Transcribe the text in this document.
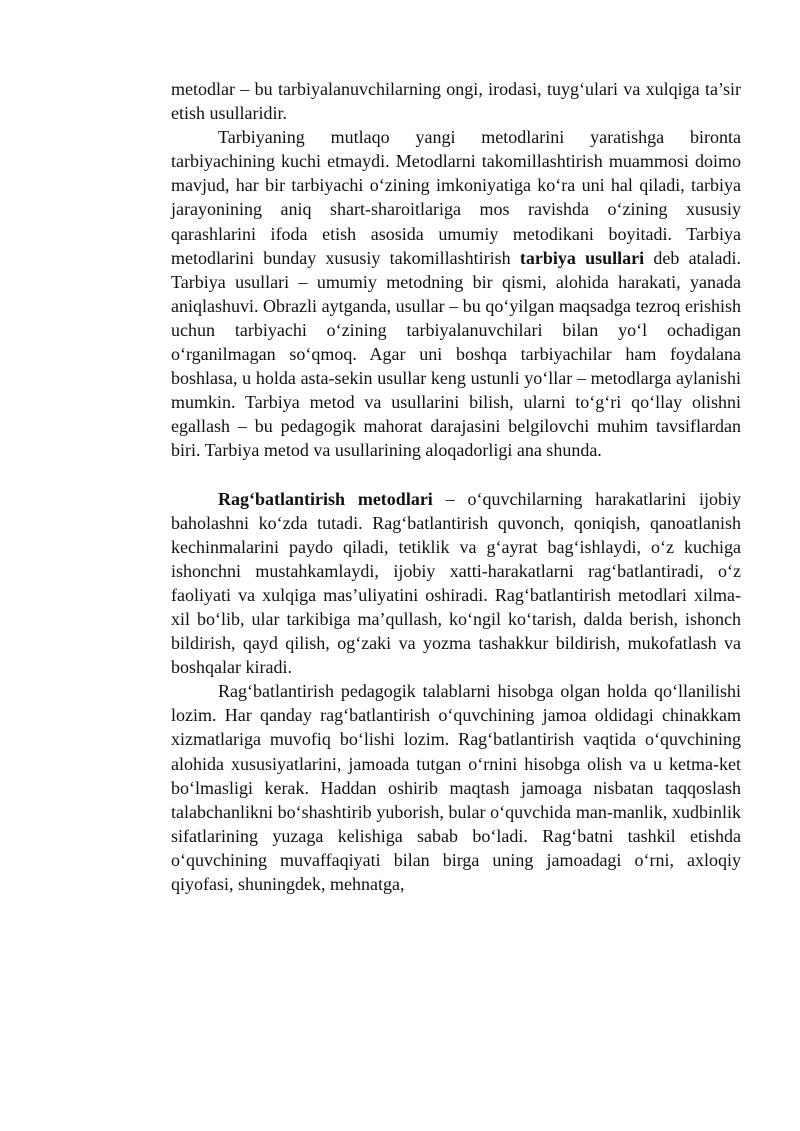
metodlar – bu tarbiyalanuvchilarning ongi, irodasi, tuyg‘ulari va xulqiga ta’sir etish usullaridir.

Tarbiyaning mutlaqo yangi metodlarini yaratishga bironta tarbiyachining kuchi etmaydi. Metodlarni takomillashtirish muammosi doimo mavjud, har bir tarbiyachi o‘zining imkoniyatiga ko‘ra uni hal qiladi, tarbiya jarayonining aniq shart-sharoitlariga mos ravishda o‘zining xususiy qarashlarini ifoda etish asosida umumiy metodikani boyitadi. Tarbiya metodlarini bunday xususiy takomillashtirish tarbiya usullari deb ataladi. Tarbiya usullari – umumiy metodning bir qismi, alohida harakati, yanada aniqlashuvi. Obrazli aytganda, usullar – bu qo‘yilgan maqsadga tezroq erishish uchun tarbiyachi o‘zining tarbiyalanuvchilari bilan yo‘l ochadigan o‘rganilmagan so‘qmoq. Agar uni boshqa tarbiyachilar ham foydalana boshlasa, u holda asta-sekin usullar keng ustunli yo‘llar – metodlarga aylanishi mumkin. Tarbiya metod va usullarini bilish, ularni to‘g‘ri qo‘llay olishni egallash – bu pedagogik mahorat darajasini belgilovchi muhim tavsiflardan biri. Tarbiya metod va usullarining aloqadorligi ana shunda.

Rag‘batlantirish metodlari – o‘quvchilarning harakatlarini ijobiy baholashni ko‘zda tutadi. Rag‘batlantirish quvonch, qoniqish, qanoatlanish kechinmalarini paydo qiladi, tetiklik va g‘ayrat bag‘ishlaydi, o‘z kuchiga ishonchni mustahkamlaydi, ijobiy xatti-harakatlarni rag‘batlantiradi, o‘z faoliyati va xulqiga mas’uliyatini oshiradi. Rag‘batlantirish metodlari xilma-xil bo‘lib, ular tarkibiga ma’qullash, ko‘ngil ko‘tarish, dalda berish, ishonch bildirish, qayd qilish, og‘zaki va yozma tashakkur bildirish, mukofatlash va boshqalar kiradi.

Rag‘batlantirish pedagogik talablarni hisobga olgan holda qo‘llanilishi lozim. Har qanday rag‘batlantirish o‘quvchining jamoa oldidagi chinakkam xizmatlariga muvofiq bo‘lishi lozim. Rag‘batlantirish vaqtida o‘quvchining alohida xususiyatlarini, jamoada tutgan o‘rnini hisobga olish va u ketma-ket bo‘lmasligi kerak. Haddan oshirib maqtash jamoaga nisbatan taqqoslash talabchanlikni bo‘shashtirib yuborish, bular o‘quvchida man-manlik, xudbinlik sifatlarining yuzaga kelishiga sabab bo‘ladi. Rag‘batni tashkil etishda o‘quvchining muvaffaqiyati bilan birga uning jamoadagi o‘rni, axloqiy qiyofasi, shuningdek, mehnatga,
